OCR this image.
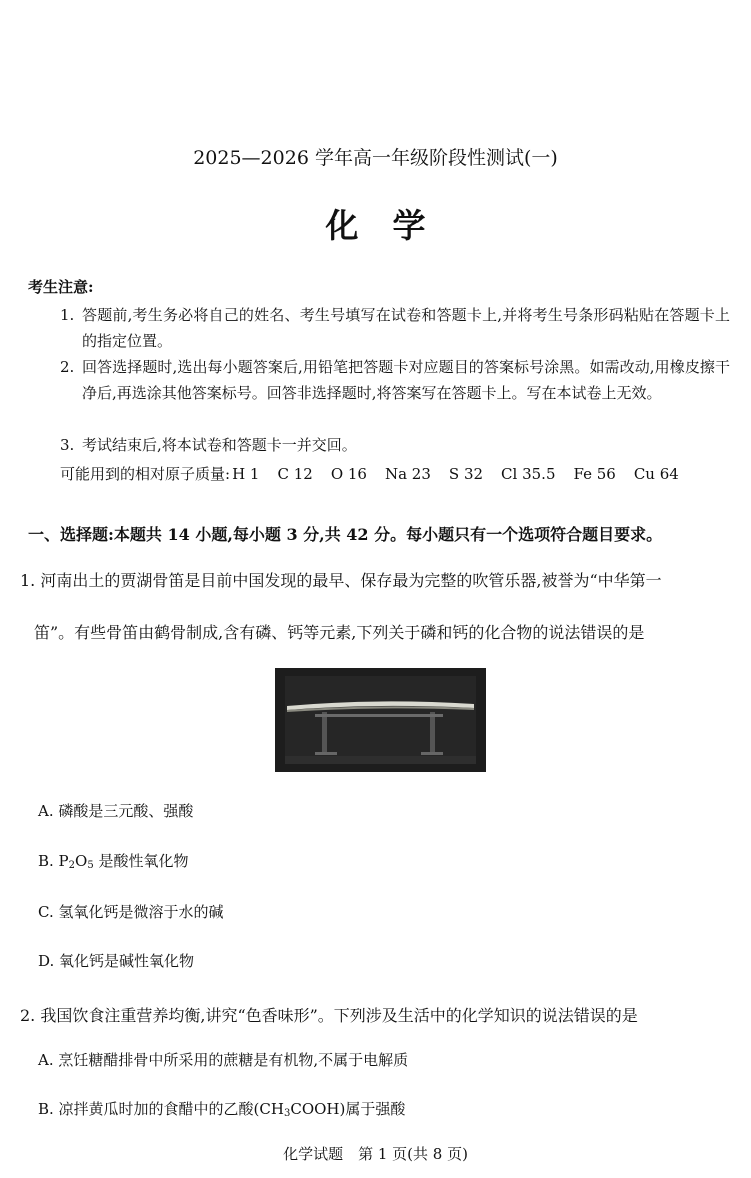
2025—2026 学年高一年级阶段性测试(一)
化学
考生注意:
1. 答题前,考生务必将自己的姓名、考生号填写在试卷和答题卡上,并将考生号条形码粘贴在答题卡上的指定位置。
2. 回答选择题时,选出每小题答案后,用铅笔把答题卡对应题目的答案标号涂黑。如需改动,用橡皮擦干净后,再选涂其他答案标号。回答非选择题时,将答案写在答题卡上。写在本试卷上无效。
3. 考试结束后,将本试卷和答题卡一并交回。
可能用到的相对原子质量: H 1 C 12 O 16 Na 23 S 32 Cl 35.5 Fe 56 Cu 64
一、选择题:本题共 14 小题,每小题 3 分,共 42 分。每小题只有一个选项符合题目要求。
1. 河南出土的贾湖骨笛是目前中国发现的最早、保存最为完整的吹管乐器,被誉为“中华第一
笛”。有些骨笛由鹤骨制成,含有磷、钙等元素,下列关于磷和钙的化合物的说法错误的是
A. 磷酸是三元酸、强酸
B. $P_2O_5$ 是酸性氧化物
C. 氢氧化钙是微溶于水的碱
D. 氧化钙是碱性氧化物
2. 我国饮食注重营养均衡,讲究“色香味形”。下列涉及生活中的化学知识的说法错误的是
A. 烹饪糖醋排骨中所采用的蔗糖是有机物,不属于电解质
B. 凉拌黄瓜时加的食醋中的乙酸$(CH_3COOH)$属于强酸
化学试题　第 1 页(共 8 页)
